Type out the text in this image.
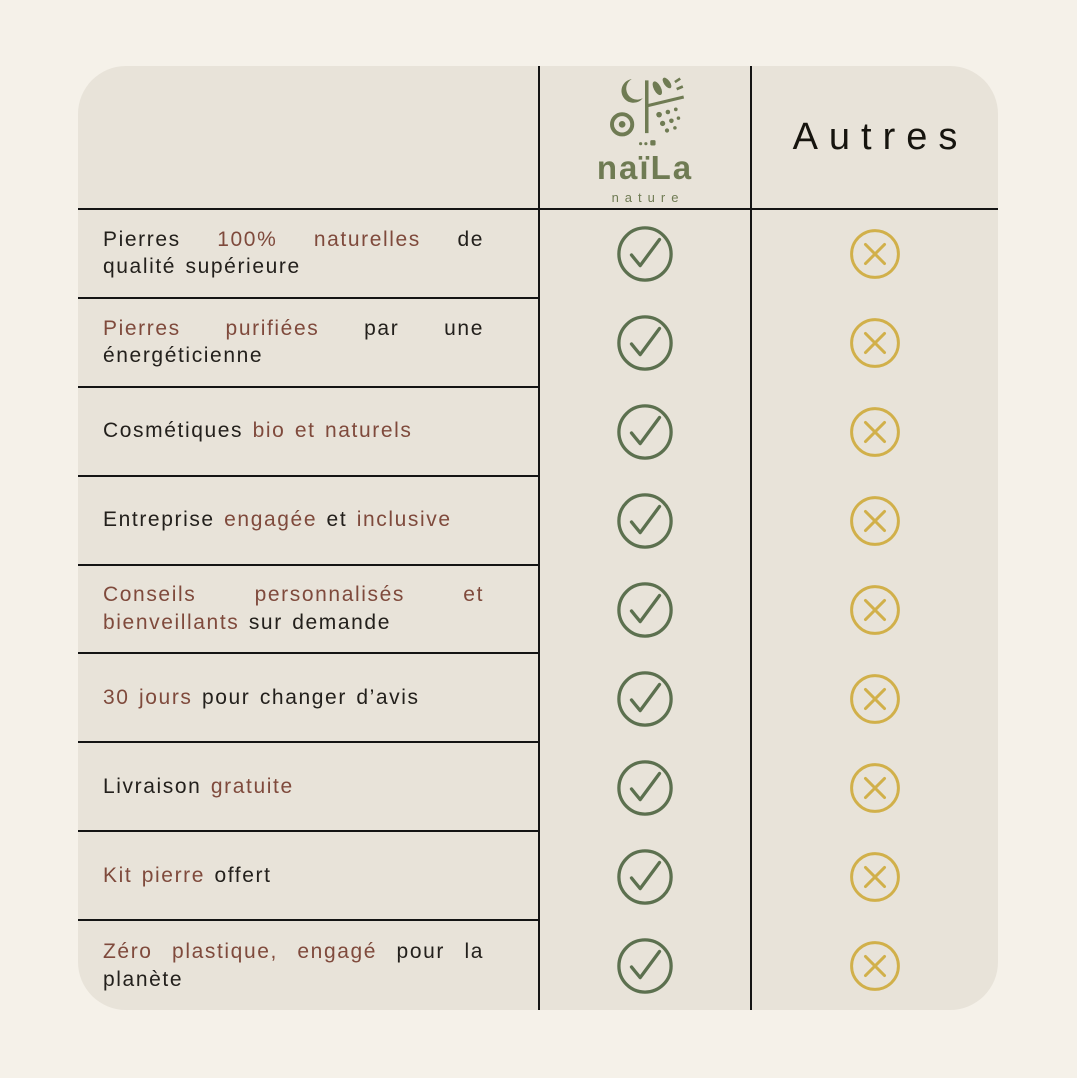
naïLa
nature
Autres

Pierres 100% naturelles de qualité supérieure

Pierres purifiées par une énergéticienne

Cosmétiques bio et naturels

Entreprise engagée et inclusive

Conseils personnalisés et bienveillants sur demande

30 jours pour changer d’avis

Livraison gratuite

Kit pierre offert

Zéro plastique, engagé pour la planète
